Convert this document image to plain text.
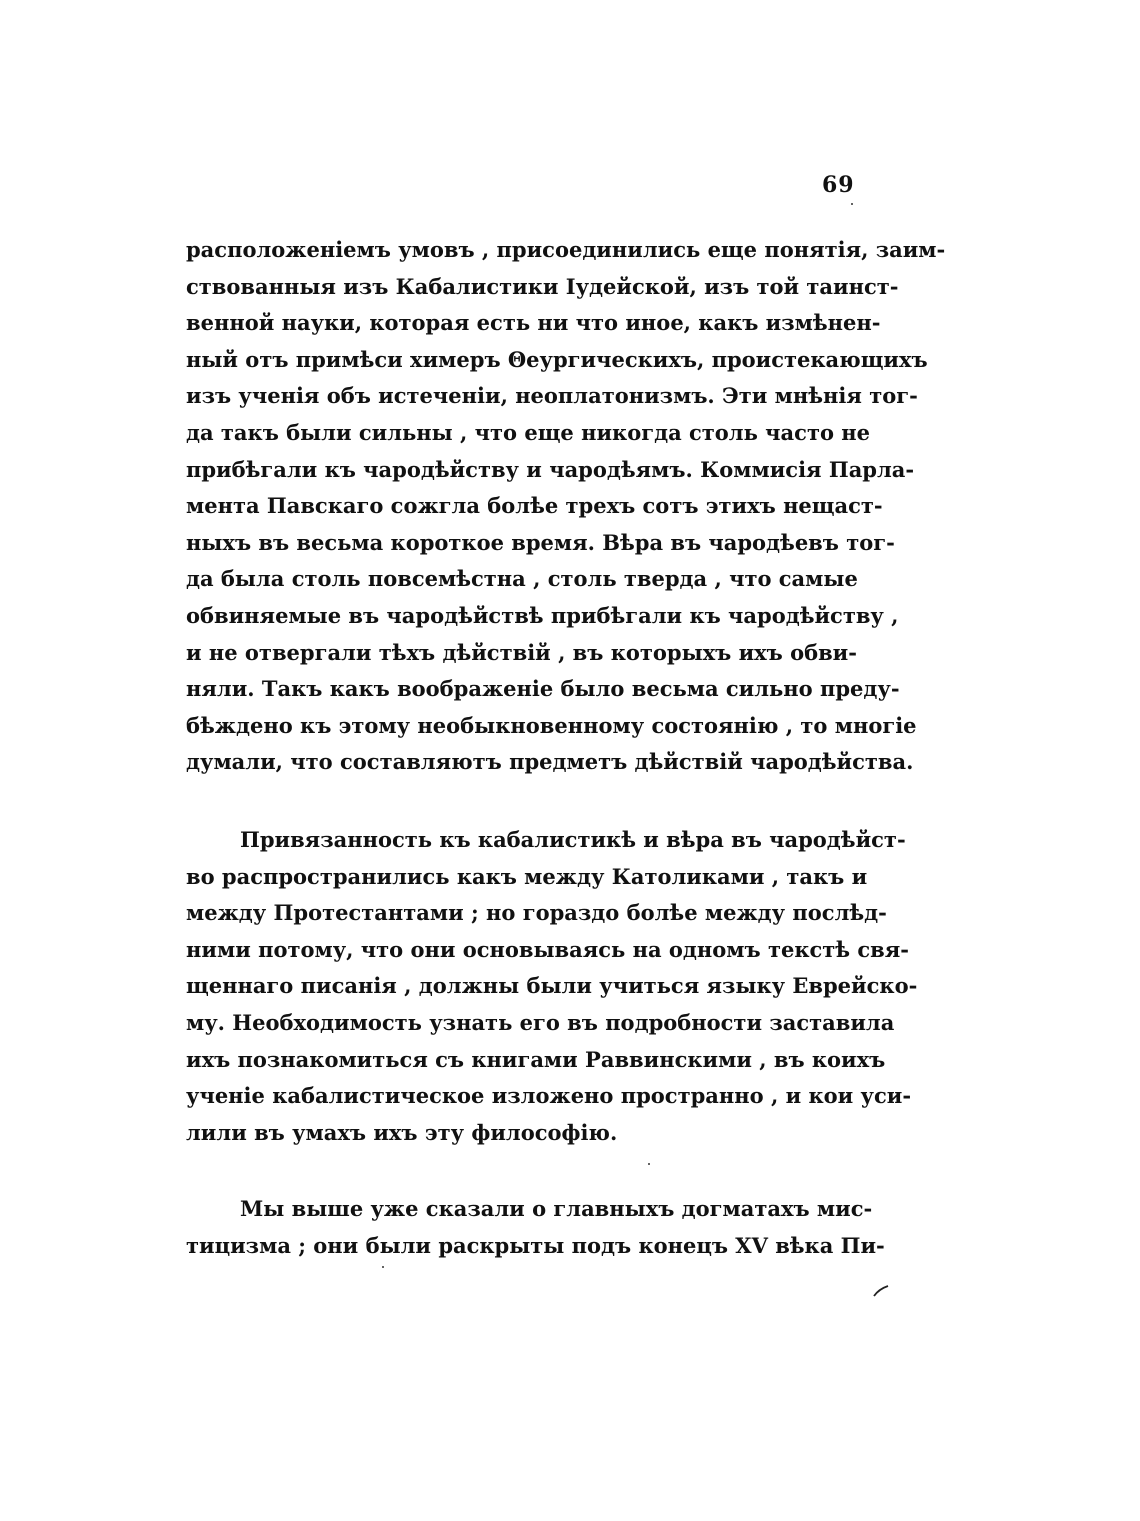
69
расположенiемъ умовъ , присоединились еще понятiя, заим-
ствованныя изъ Кабалистики Iудейской, изъ той таинст-
венной науки, которая есть ни что иное, какъ измѣнен-
ный отъ примѣси химеръ Θеургическихъ, проистекающихъ
изъ ученiя объ истеченiи, неоплатонизмъ. Эти мнѣнiя тог-
да такъ были сильны , что еще никогда столь часто не
прибѣгали къ чародѣйству и чародѣямъ. Коммисiя Парла-
мента Павскаго сожгла болѣе трехъ сотъ этихъ нещаст-
ныхъ въ весьма короткое время. Вѣра въ чародѣевъ тог-
да была столь повсемѣстна , столь тверда , что самые
обвиняемые въ чародѣйствѣ прибѣгали къ чародѣйству ,
и не отвергали тѣхъ дѣйствiй , въ которыхъ ихъ обви-
няли. Такъ какъ воображенiе было весьма сильно преду-
бѣждено къ этому необыкновенному состоянiю , то многiе
думали, что составляютъ предметъ дѣйствiй чародѣйства.
Привязанность къ кабалистикѣ и вѣра въ чародѣйст-
во распространились какъ между Католиками , такъ и
между Протестантами ; но гораздо болѣе между послѣд-
ними потому, что они основываясь на одномъ текстѣ свя-
щеннаго писанiя , должны были учиться языку Еврейско-
му. Необходимость узнать его въ подробности заставила
ихъ познакомиться съ книгами Раввинскими , въ коихъ
ученiе кабалистическое изложено пространно , и кои уси-
лили въ умахъ ихъ эту философiю.
Мы выше уже сказали о главныхъ догматахъ мис-
тицизма ; они были раскрыты подъ конецъ XV вѣка Пи-
